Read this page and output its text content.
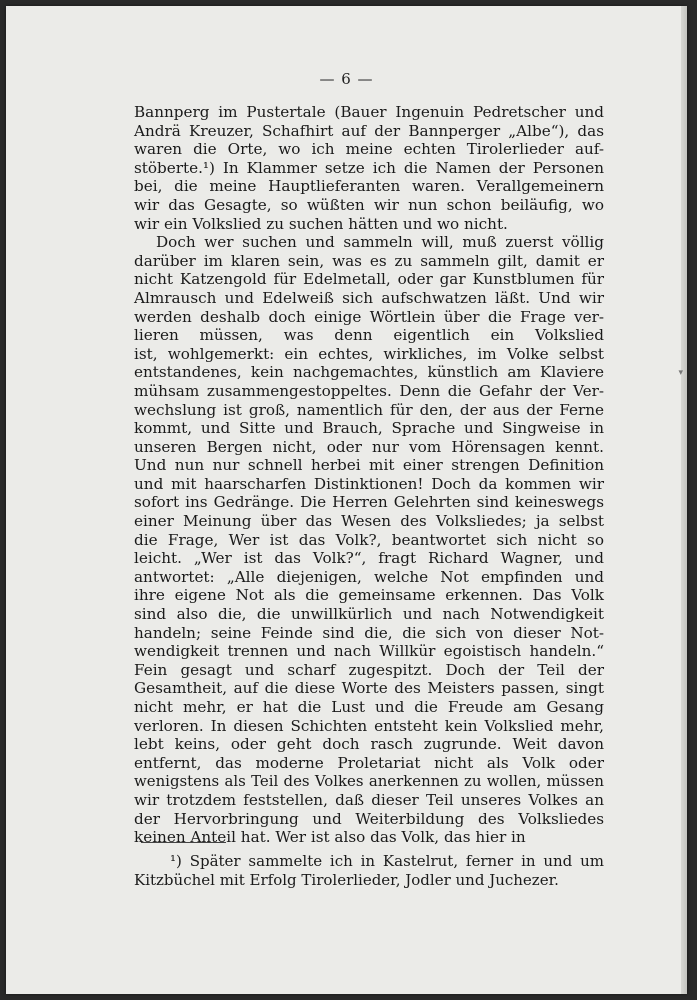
— 6 —
Bannperg im Pustertale (Bauer Ingenuin Pedretscher und
Andrä Kreuzer, Schafhirt auf der Bannperger „Albe“), das
waren die Orte, wo ich meine echten Tirolerlieder auf-
stöberte.¹) In Klammer setze ich die Namen der Personen
bei, die meine Hauptlieferanten waren. Verallgemeinern
wir das Gesagte, so wüßten wir nun schon beiläufig, wo
wir ein Volkslied zu suchen hätten und wo nicht.
Doch wer suchen und sammeln will, muß zuerst völlig
darüber im klaren sein, was es zu sammeln gilt, damit er
nicht Katzengold für Edelmetall, oder gar Kunstblumen für
Almrausch und Edelweiß sich aufschwatzen läßt. Und wir
werden deshalb doch einige Wörtlein über die Frage ver-
lieren müssen, was denn eigentlich ein Volkslied
ist, wohlgemerkt: ein echtes, wirkliches, im Volke selbst
entstandenes, kein nachgemachtes, künstlich am Klaviere
mühsam zusammengestoppeltes. Denn die Gefahr der Ver-
wechslung ist groß, namentlich für den, der aus der Ferne
kommt, und Sitte und Brauch, Sprache und Singweise in
unseren Bergen nicht, oder nur vom Hörensagen kennt.
Und nun nur schnell herbei mit einer strengen Definition
und mit haarscharfen Distinktionen! Doch da kommen wir
sofort ins Gedränge. Die Herren Gelehrten sind keineswegs
einer Meinung über das Wesen des Volksliedes; ja selbst
die Frage, Wer ist das Volk?, beantwortet sich nicht so
leicht. „Wer ist das Volk?“, fragt Richard Wagner, und
antwortet: „Alle diejenigen, welche Not empfinden und
ihre eigene Not als die gemeinsame erkennen. Das Volk
sind also die, die unwillkürlich und nach Notwendigkeit
handeln; seine Feinde sind die, die sich von dieser Not-
wendigkeit trennen und nach Willkür egoistisch handeln.“
Fein gesagt und scharf zugespitzt. Doch der Teil der
Gesamtheit, auf die diese Worte des Meisters passen, singt
nicht mehr, er hat die Lust und die Freude am Gesang
verloren. In diesen Schichten entsteht kein Volkslied mehr,
lebt keins, oder geht doch rasch zugrunde. Weit davon
entfernt, das moderne Proletariat nicht als Volk oder
wenigstens als Teil des Volkes anerkennen zu wollen, müssen
wir trotzdem feststellen, daß dieser Teil unseres Volkes an
der Hervorbringung und Weiterbildung des Volksliedes
keinen Anteil hat. Wer ist also das Volk, das hier in
¹) Später sammelte ich in Kastelrut, ferner in und um
Kitzbüchel mit Erfolg Tirolerlieder, Jodler und Juchezer.
▾
